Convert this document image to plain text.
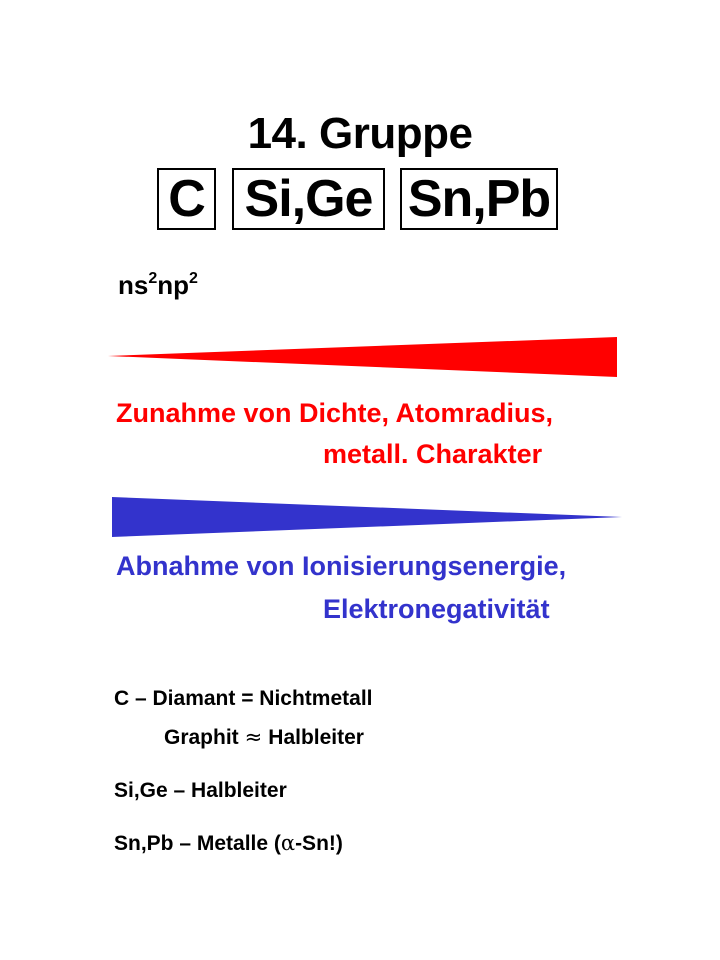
14. Gruppe
C Si,Ge Sn,Pb
$ns^2np^2$
Zunahme von Dichte, Atomradius,
metall. Charakter
Abnahme von Ionisierungsenergie,
Elektronegativität
C – Diamant = Nichtmetall
Graphit ≈ Halbleiter
Si,Ge – Halbleiter
Sn,Pb – Metalle (α-Sn!)
